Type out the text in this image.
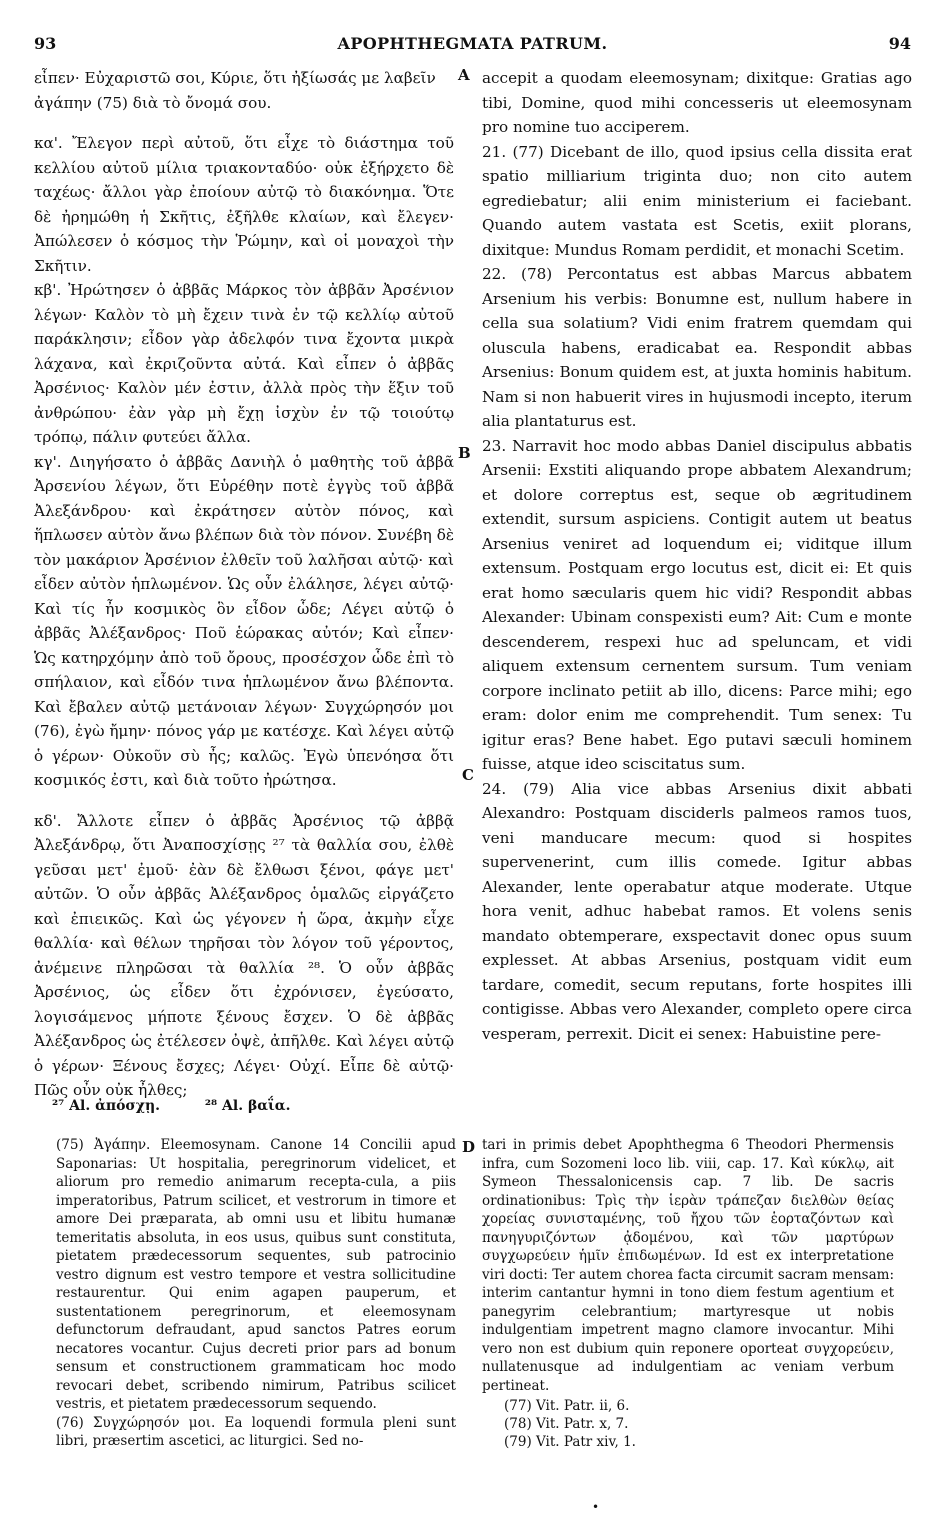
93	APOPHTHEGMATA PATRUM.	94

εἶπεν· Εὐχαριστῶ σοι, Κύριε, ὅτι ἠξίωσάς με λαβεῖν
ἀγάπην (75) διὰ τὸ ὄνομά σου.

κα'. Ἔλεγον περὶ αὐτοῦ, ὅτι εἶχε τὸ διάστημα τοῦ κελλίου αὐτοῦ μίλια τριακονταδύο· οὐκ ἐξήρχετο δὲ ταχέως· ἄλλοι γὰρ ἐποίουν αὐτῷ τὸ διακόνημα. Ὅτε δὲ ἠρημώθη ἡ Σκῆτις, ἐξῆλθε κλαίων, καὶ ἔλεγεν· Ἀπώλεσεν ὁ κόσμος τὴν Ῥώμην, καὶ οἱ μοναχοὶ τὴν Σκῆτιν.

κβ'. Ἠρώτησεν ὁ ἀββᾶς Μάρκος τὸν ἀββᾶν Ἀρσένιον λέγων· Καλὸν τὸ μὴ ἔχειν τινὰ ἐν τῷ κελλίῳ αὐτοῦ παράκλησιν; εἶδον γὰρ ἀδελφόν τινα ἔχοντα μικρὰ λάχανα, καὶ ἐκριζοῦντα αὐτά. Καὶ εἶπεν ὁ ἀββᾶς Ἀρσένιος· Καλὸν μέν ἐστιν, ἀλλὰ πρὸς τὴν ἕξιν τοῦ ἀνθρώπου· ἐὰν γὰρ μὴ ἔχῃ ἰσχὺν ἐν τῷ τοιούτῳ τρόπῳ, πάλιν φυτεύει ἄλλα.

κγ'. Διηγήσατο ὁ ἀββᾶς Δανιὴλ ὁ μαθητὴς τοῦ ἀββᾶ Ἀρσενίου λέγων, ὅτι Εὑρέθην ποτὲ ἐγγὺς τοῦ ἀββᾶ Ἀλεξάνδρου· καὶ ἐκράτησεν αὐτὸν πόνος, καὶ ἥπλωσεν αὑτὸν ἄνω βλέπων διὰ τὸν πόνον. Συνέβη δὲ τὸν μακάριον Ἀρσένιον ἐλθεῖν τοῦ λαλῆσαι αὐτῷ· καὶ εἶδεν αὐτὸν ἡπλωμένον. Ὡς οὖν ἐλάλησε, λέγει αὐτῷ· Καὶ τίς ἦν κοσμικὸς ὃν εἶδον ὧδε; Λέγει αὐτῷ ὁ ἀββᾶς Ἀλέξανδρος· Ποῦ ἑώρακας αὐτόν; Καὶ εἶπεν· Ὡς κατηρχόμην ἀπὸ τοῦ ὄρους, προσέσχον ὧδε ἐπὶ τὸ σπήλαιον, καὶ εἶδόν τινα ἡπλωμένον ἄνω βλέποντα. Καὶ ἔβαλεν αὐτῷ μετάνοιαν λέγων· Συγχώρησόν μοι (76), ἐγὼ ἤμην· πόνος γάρ με κατέσχε. Καὶ λέγει αὐτῷ ὁ γέρων· Οὐκοῦν σὺ ἦς; καλῶς. Ἐγὼ ὑπενόησα ὅτι κοσμικός ἐστι, καὶ διὰ τοῦτο ἠρώτησα.

κδ'. Ἄλλοτε εἶπεν ὁ ἀββᾶς Ἀρσένιος τῷ ἀββᾷ Ἀλεξάνδρῳ, ὅτι Ἀναποσχίσῃς ²⁷ τὰ θαλλία σου, ἐλθὲ γεῦσαι μετ' ἐμοῦ· ἐὰν δὲ ἔλθωσι ξένοι, φάγε μετ' αὐτῶν. Ὁ οὖν ἀββᾶς Ἀλέξανδρος ὁμαλῶς εἰργάζετο καὶ ἐπιεικῶς. Καὶ ὡς γέγονεν ἡ ὥρα, ἀκμὴν εἶχε θαλλία· καὶ θέλων τηρῆσαι τὸν λόγον τοῦ γέροντος, ἀνέμεινε πληρῶσαι τὰ θαλλία ²⁸. Ὁ οὖν ἀββᾶς Ἀρσένιος, ὡς εἶδεν ὅτι ἐχρόνισεν, ἐγεύσατο, λογισάμενος μήποτε ξένους ἔσχεν. Ὁ δὲ ἀββᾶς Ἀλέξανδρος ὡς ἐτέλεσεν ὀψὲ, ἀπῆλθε. Καὶ λέγει αὐτῷ ὁ γέρων· Ξένους ἔσχες; Λέγει· Οὐχί. Εἶπε δὲ αὐτῷ· Πῶς οὖν οὐκ ἦλθες;

A
B
C
D

accepit a quodam eleemosynam; dixitque: Gratias ago tibi, Domine, quod mihi concesseris ut eleemosynam pro nomine tuo acciperem.

21. (77) Dicebant de illo, quod ipsius cella dissita erat spatio milliarium triginta duo; non cito autem egrediebatur; alii enim ministerium ei faciebant. Quando autem vastata est Scetis, exiit plorans, dixitque: Mundus Romam perdidit, et monachi Scetim.

22. (78) Percontatus est abbas Marcus abbatem Arsenium his verbis: Bonumne est, nullum habere in cella sua solatium? Vidi enim fratrem quemdam qui oluscula habens, eradicabat ea. Respondit abbas Arsenius: Bonum quidem est, at juxta hominis habitum. Nam si non habuerit vires in hujusmodi incepto, iterum alia plantaturus est.

23. Narravit hoc modo abbas Daniel discipulus abbatis Arsenii: Exstiti aliquando prope abbatem Alexandrum; et dolore correptus est, seque ob ægritudinem extendit, sursum aspiciens. Contigit autem ut beatus Arsenius veniret ad loquendum ei; viditque illum extensum. Postquam ergo locutus est, dicit ei: Et quis erat homo sæcularis quem hic vidi? Respondit abbas Alexander: Ubinam conspexisti eum? Ait: Cum e monte descenderem, respexi huc ad speluncam, et vidi aliquem extensum cernentem sursum. Tum veniam corpore inclinato petiit ab illo, dicens: Parce mihi; ego eram: dolor enim me comprehendit. Tum senex: Tu igitur eras? Bene habet. Ego putavi sæculi hominem fuisse, atque ideo sciscitatus sum.

24. (79) Alia vice abbas Arsenius dixit abbati Alexandro: Postquam disciderls palmeos ramos tuos, veni manducare mecum: quod si hospites supervenerint, cum illis comede. Igitur abbas Alexander, lente operabatur atque moderate. Utque hora venit, adhuc habebat ramos. Et volens senis mandato obtemperare, exspectavit donec opus suum explesset. At abbas Arsenius, postquam vidit eum tardare, comedit, secum reputans, forte hospites illi contigisse. Abbas vero Alexander, completo opere circa vesperam, perrexit. Dicit ei senex: Habuistine pere-

²⁷ Al. ἀπόσχῃ.	²⁸ Al. βαΐα.

(75) Ἀγάπην. Eleemosynam. Canone 14 Concilii apud Saponarias: Ut hospitalia, peregrinorum videlicet, et aliorum pro remedio animarum recepta-cula, a piis imperatoribus, Patrum scilicet, et vestrorum in timore et amore Dei præparata, ab omni usu et libitu humanæ temeritatis absoluta, in eos usus, quibus sunt constituta, pietatem prædecessorum sequentes, sub patrocinio vestro dignum est vestro tempore et vestra sollicitudine restaurentur. Qui enim agapen pauperum, et sustentationem peregrinorum, et eleemosynam defunctorum defraudant, apud sanctos Patres eorum necatores vocantur. Cujus decreti prior pars ad bonum sensum et constructionem grammaticam hoc modo revocari debet, scribendo nimirum, Patribus scilicet vestris, et pietatem prædecessorum sequendo.

(76) Συγχώρησόν μοι. Ea loquendi formula pleni sunt libri, præsertim ascetici, ac liturgici. Sed no-

tari in primis debet Apophthegma 6 Theodori Phermensis infra, cum Sozomeni loco lib. viii, cap. 17. Καὶ κύκλῳ, ait Symeon Thessalonicensis cap. 7 lib. De sacris ordinationibus: Τρὶς τὴν ἱερὰν τράπεζαν διελθὼν θείας χορείας συνισταμένης, τοῦ ἤχου τῶν ἑορταζόντων καὶ πανηγυριζόντων ᾀδομένου, καὶ τῶν μαρτύρων συγχωρεύειν ἡμῖν ἐπιδωμένων. Id est ex interpretatione viri docti: Ter autem chorea facta circumit sacram mensam: interim cantantur hymni in tono diem festum agentium et panegyrim celebrantium; martyresque ut nobis indulgentiam impetrent magno clamore invocantur. Mihi vero non est dubium quin reponere oporteat συγχορεύειν, nullatenusque ad indulgentiam ac veniam verbum pertineat.

(77) Vit. Patr. ii, 6.
(78) Vit. Patr. x, 7.
(79) Vit. Patr xiv, 1.
•
